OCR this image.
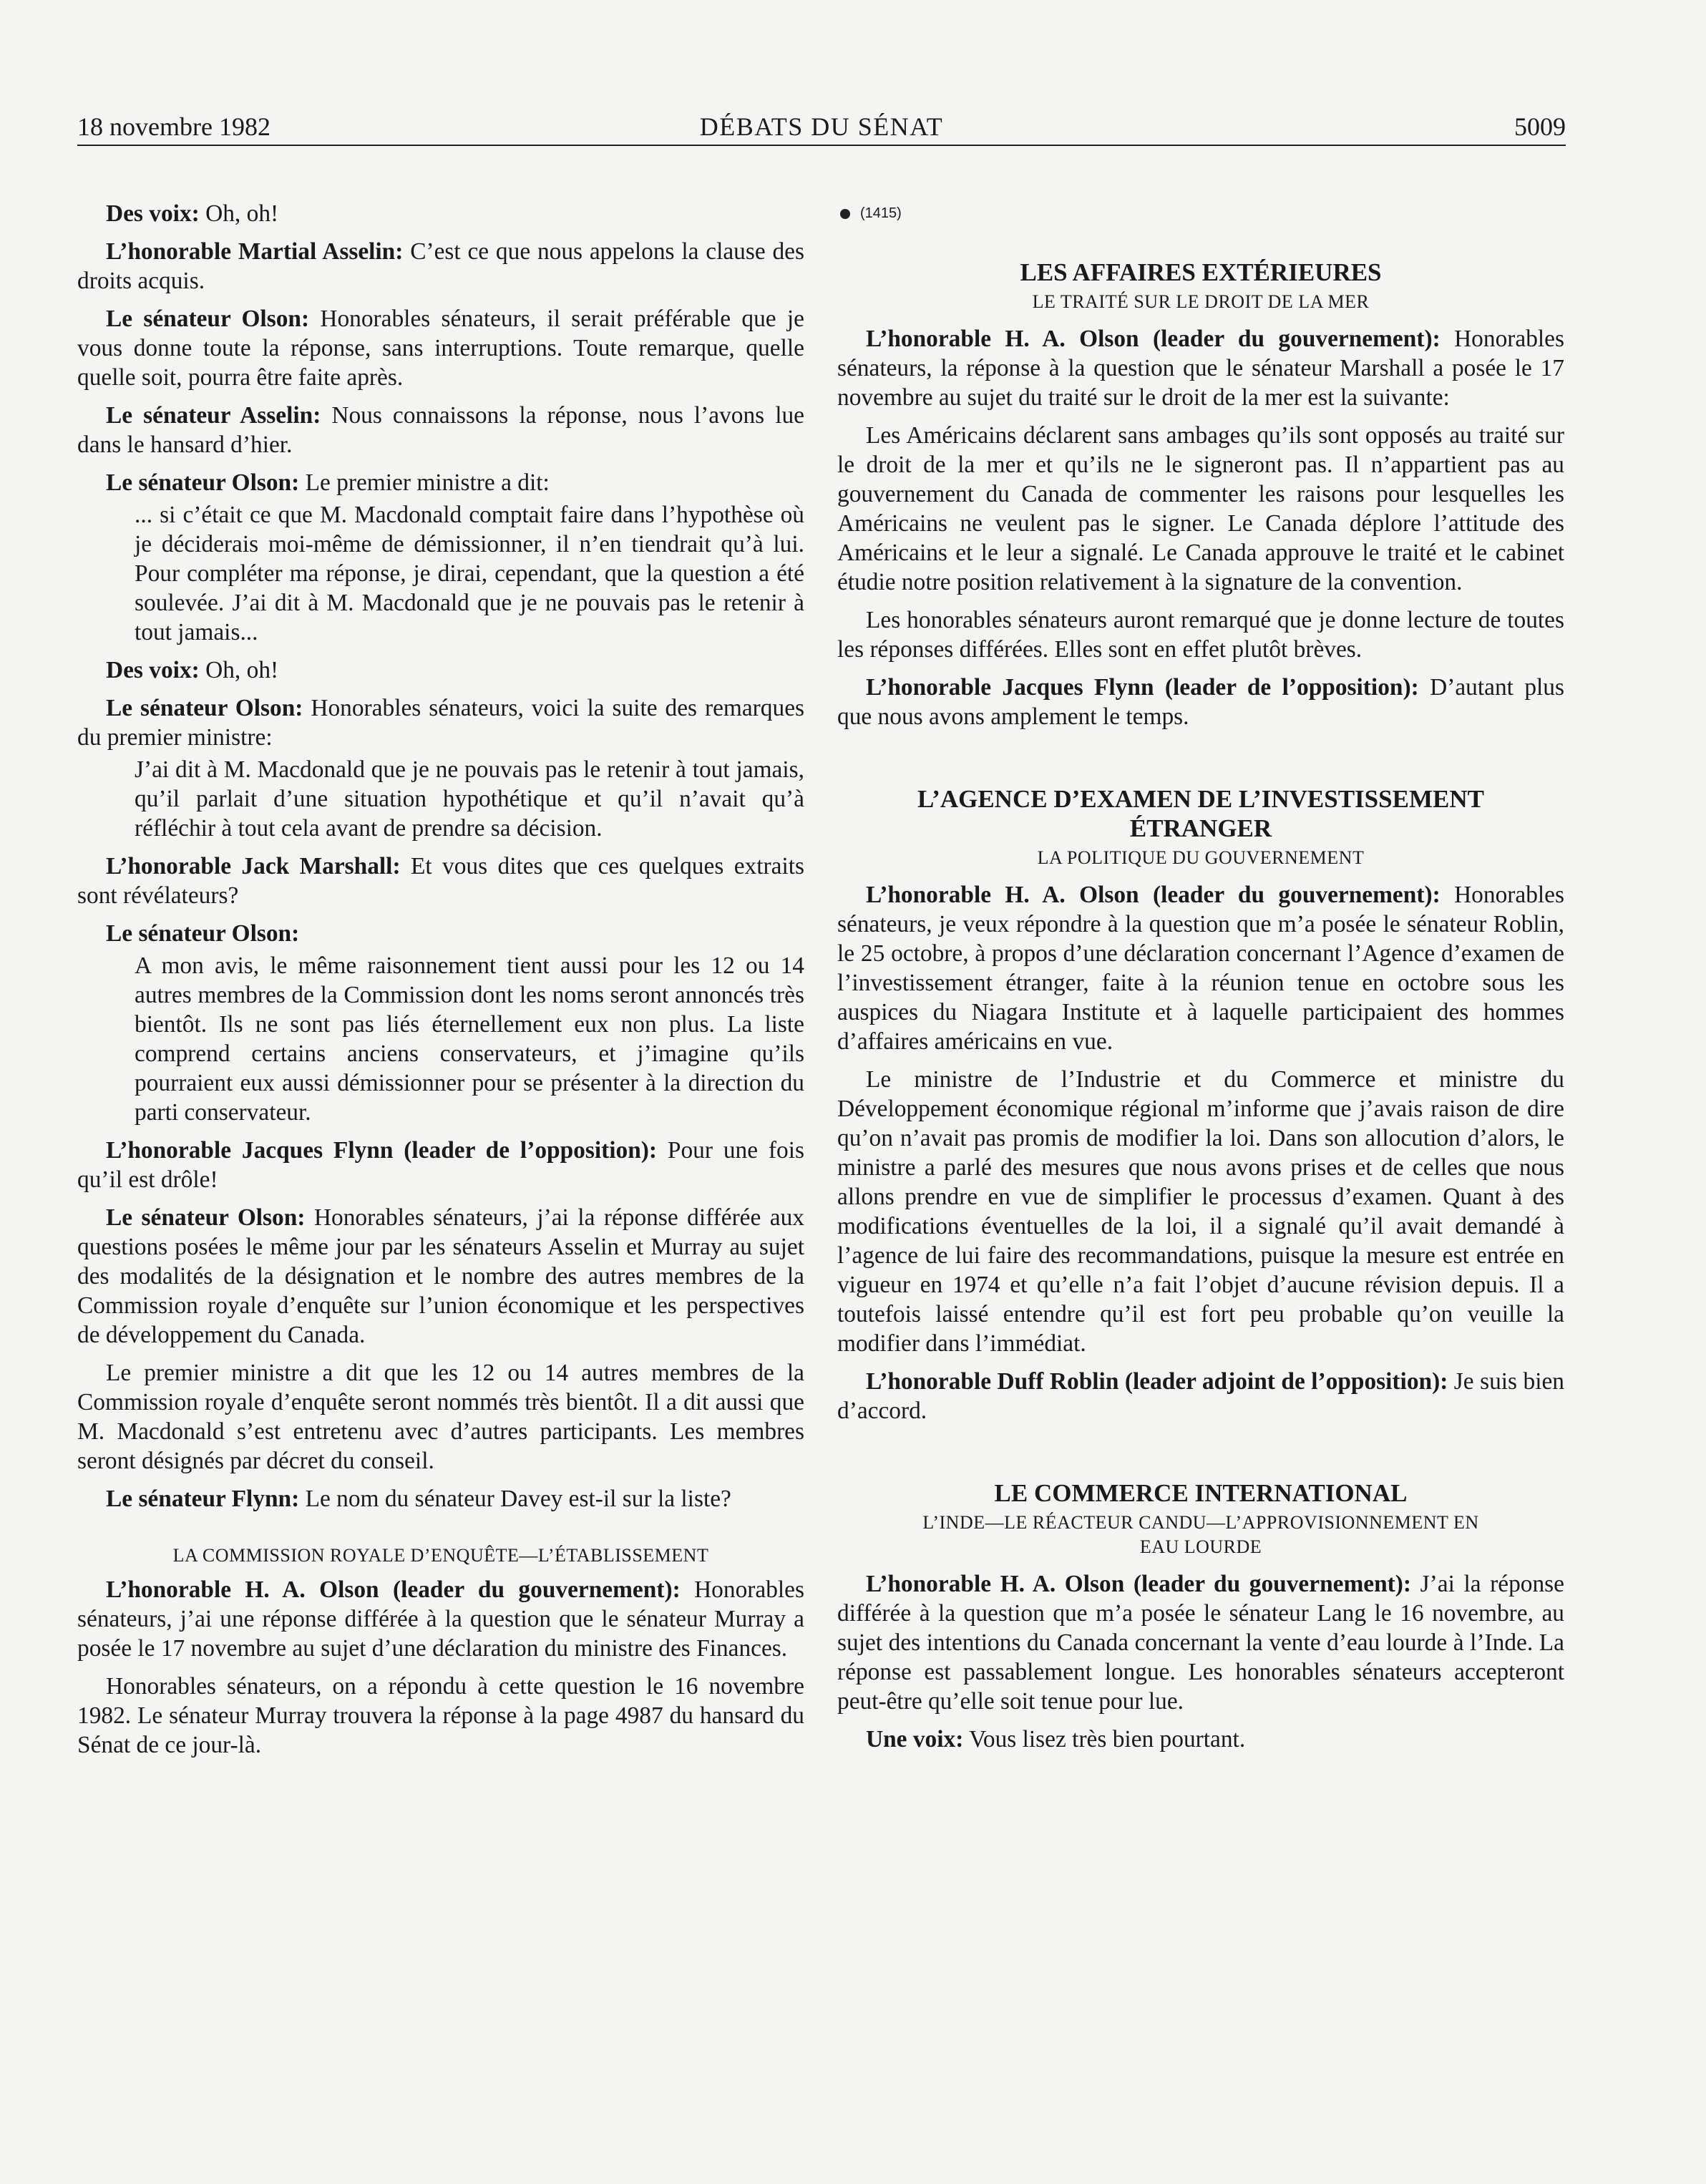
18 novembre 1982	DÉBATS DU SÉNAT	5009

Des voix: Oh, oh!

L’honorable Martial Asselin: C’est ce que nous appelons la clause des droits acquis.

Le sénateur Olson: Honorables sénateurs, il serait préférable que je vous donne toute la réponse, sans interruptions. Toute remarque, quelle quelle soit, pourra être faite après.

Le sénateur Asselin: Nous connaissons la réponse, nous l’avons lue dans le hansard d’hier.

Le sénateur Olson: Le premier ministre a dit:

... si c’était ce que M. Macdonald comptait faire dans l’hypothèse où je déciderais moi-même de démissionner, il n’en tiendrait qu’à lui. Pour compléter ma réponse, je dirai, cependant, que la question a été soulevée. J’ai dit à M. Macdonald que je ne pouvais pas le retenir à tout jamais...

Des voix: Oh, oh!

Le sénateur Olson: Honorables sénateurs, voici la suite des remarques du premier ministre:

J’ai dit à M. Macdonald que je ne pouvais pas le retenir à tout jamais, qu’il parlait d’une situation hypothétique et qu’il n’avait qu’à réfléchir à tout cela avant de prendre sa décision.

L’honorable Jack Marshall: Et vous dites que ces quelques extraits sont révélateurs?

Le sénateur Olson:

A mon avis, le même raisonnement tient aussi pour les 12 ou 14 autres membres de la Commission dont les noms seront annoncés très bientôt. Ils ne sont pas liés éternellement eux non plus. La liste comprend certains anciens conservateurs, et j’imagine qu’ils pourraient eux aussi démissionner pour se présenter à la direction du parti conservateur.

L’honorable Jacques Flynn (leader de l’opposition): Pour une fois qu’il est drôle!

Le sénateur Olson: Honorables sénateurs, j’ai la réponse différée aux questions posées le même jour par les sénateurs Asselin et Murray au sujet des modalités de la désignation et le nombre des autres membres de la Commission royale d’enquête sur l’union économique et les perspectives de développement du Canada.

Le premier ministre a dit que les 12 ou 14 autres membres de la Commission royale d’enquête seront nommés très bientôt. Il a dit aussi que M. Macdonald s’est entretenu avec d’autres participants. Les membres seront désignés par décret du conseil.

Le sénateur Flynn: Le nom du sénateur Davey est-il sur la liste?

LA COMMISSION ROYALE D’ENQUÊTE—L’ÉTABLISSEMENT

L’honorable H. A. Olson (leader du gouvernement): Honorables sénateurs, j’ai une réponse différée à la question que le sénateur Murray a posée le 17 novembre au sujet d’une déclaration du ministre des Finances.

Honorables sénateurs, on a répondu à cette question le 16 novembre 1982. Le sénateur Murray trouvera la réponse à la page 4987 du hansard du Sénat de ce jour-là.

(1415)
LES AFFAIRES EXTÉRIEURES
LE TRAITÉ SUR LE DROIT DE LA MER

L’honorable H. A. Olson (leader du gouvernement): Honorables sénateurs, la réponse à la question que le sénateur Marshall a posée le 17 novembre au sujet du traité sur le droit de la mer est la suivante:

Les Américains déclarent sans ambages qu’ils sont opposés au traité sur le droit de la mer et qu’ils ne le signeront pas. Il n’appartient pas au gouvernement du Canada de commenter les raisons pour lesquelles les Américains ne veulent pas le signer. Le Canada déplore l’attitude des Américains et le leur a signalé. Le Canada approuve le traité et le cabinet étudie notre position relativement à la signature de la convention.

Les honorables sénateurs auront remarqué que je donne lecture de toutes les réponses différées. Elles sont en effet plutôt brèves.

L’honorable Jacques Flynn (leader de l’opposition): D’autant plus que nous avons amplement le temps.

L’AGENCE D’EXAMEN DE L’INVESTISSEMENT
ÉTRANGER
LA POLITIQUE DU GOUVERNEMENT

L’honorable H. A. Olson (leader du gouvernement): Honorables sénateurs, je veux répondre à la question que m’a posée le sénateur Roblin, le 25 octobre, à propos d’une déclaration concernant l’Agence d’examen de l’investissement étranger, faite à la réunion tenue en octobre sous les auspices du Niagara Institute et à laquelle participaient des hommes d’affaires américains en vue.

Le ministre de l’Industrie et du Commerce et ministre du Développement économique régional m’informe que j’avais raison de dire qu’on n’avait pas promis de modifier la loi. Dans son allocution d’alors, le ministre a parlé des mesures que nous avons prises et de celles que nous allons prendre en vue de simplifier le processus d’examen. Quant à des modifications éventuelles de la loi, il a signalé qu’il avait demandé à l’agence de lui faire des recommandations, puisque la mesure est entrée en vigueur en 1974 et qu’elle n’a fait l’objet d’aucune révision depuis. Il a toutefois laissé entendre qu’il est fort peu probable qu’on veuille la modifier dans l’immédiat.

L’honorable Duff Roblin (leader adjoint de l’opposition): Je suis bien d’accord.

LE COMMERCE INTERNATIONAL
L’INDE—LE RÉACTEUR CANDU—L’APPROVISIONNEMENT EN
EAU LOURDE

L’honorable H. A. Olson (leader du gouvernement): J’ai la réponse différée à la question que m’a posée le sénateur Lang le 16 novembre, au sujet des intentions du Canada concernant la vente d’eau lourde à l’Inde. La réponse est passablement longue. Les honorables sénateurs accepteront peut-être qu’elle soit tenue pour lue.

Une voix: Vous lisez très bien pourtant.
